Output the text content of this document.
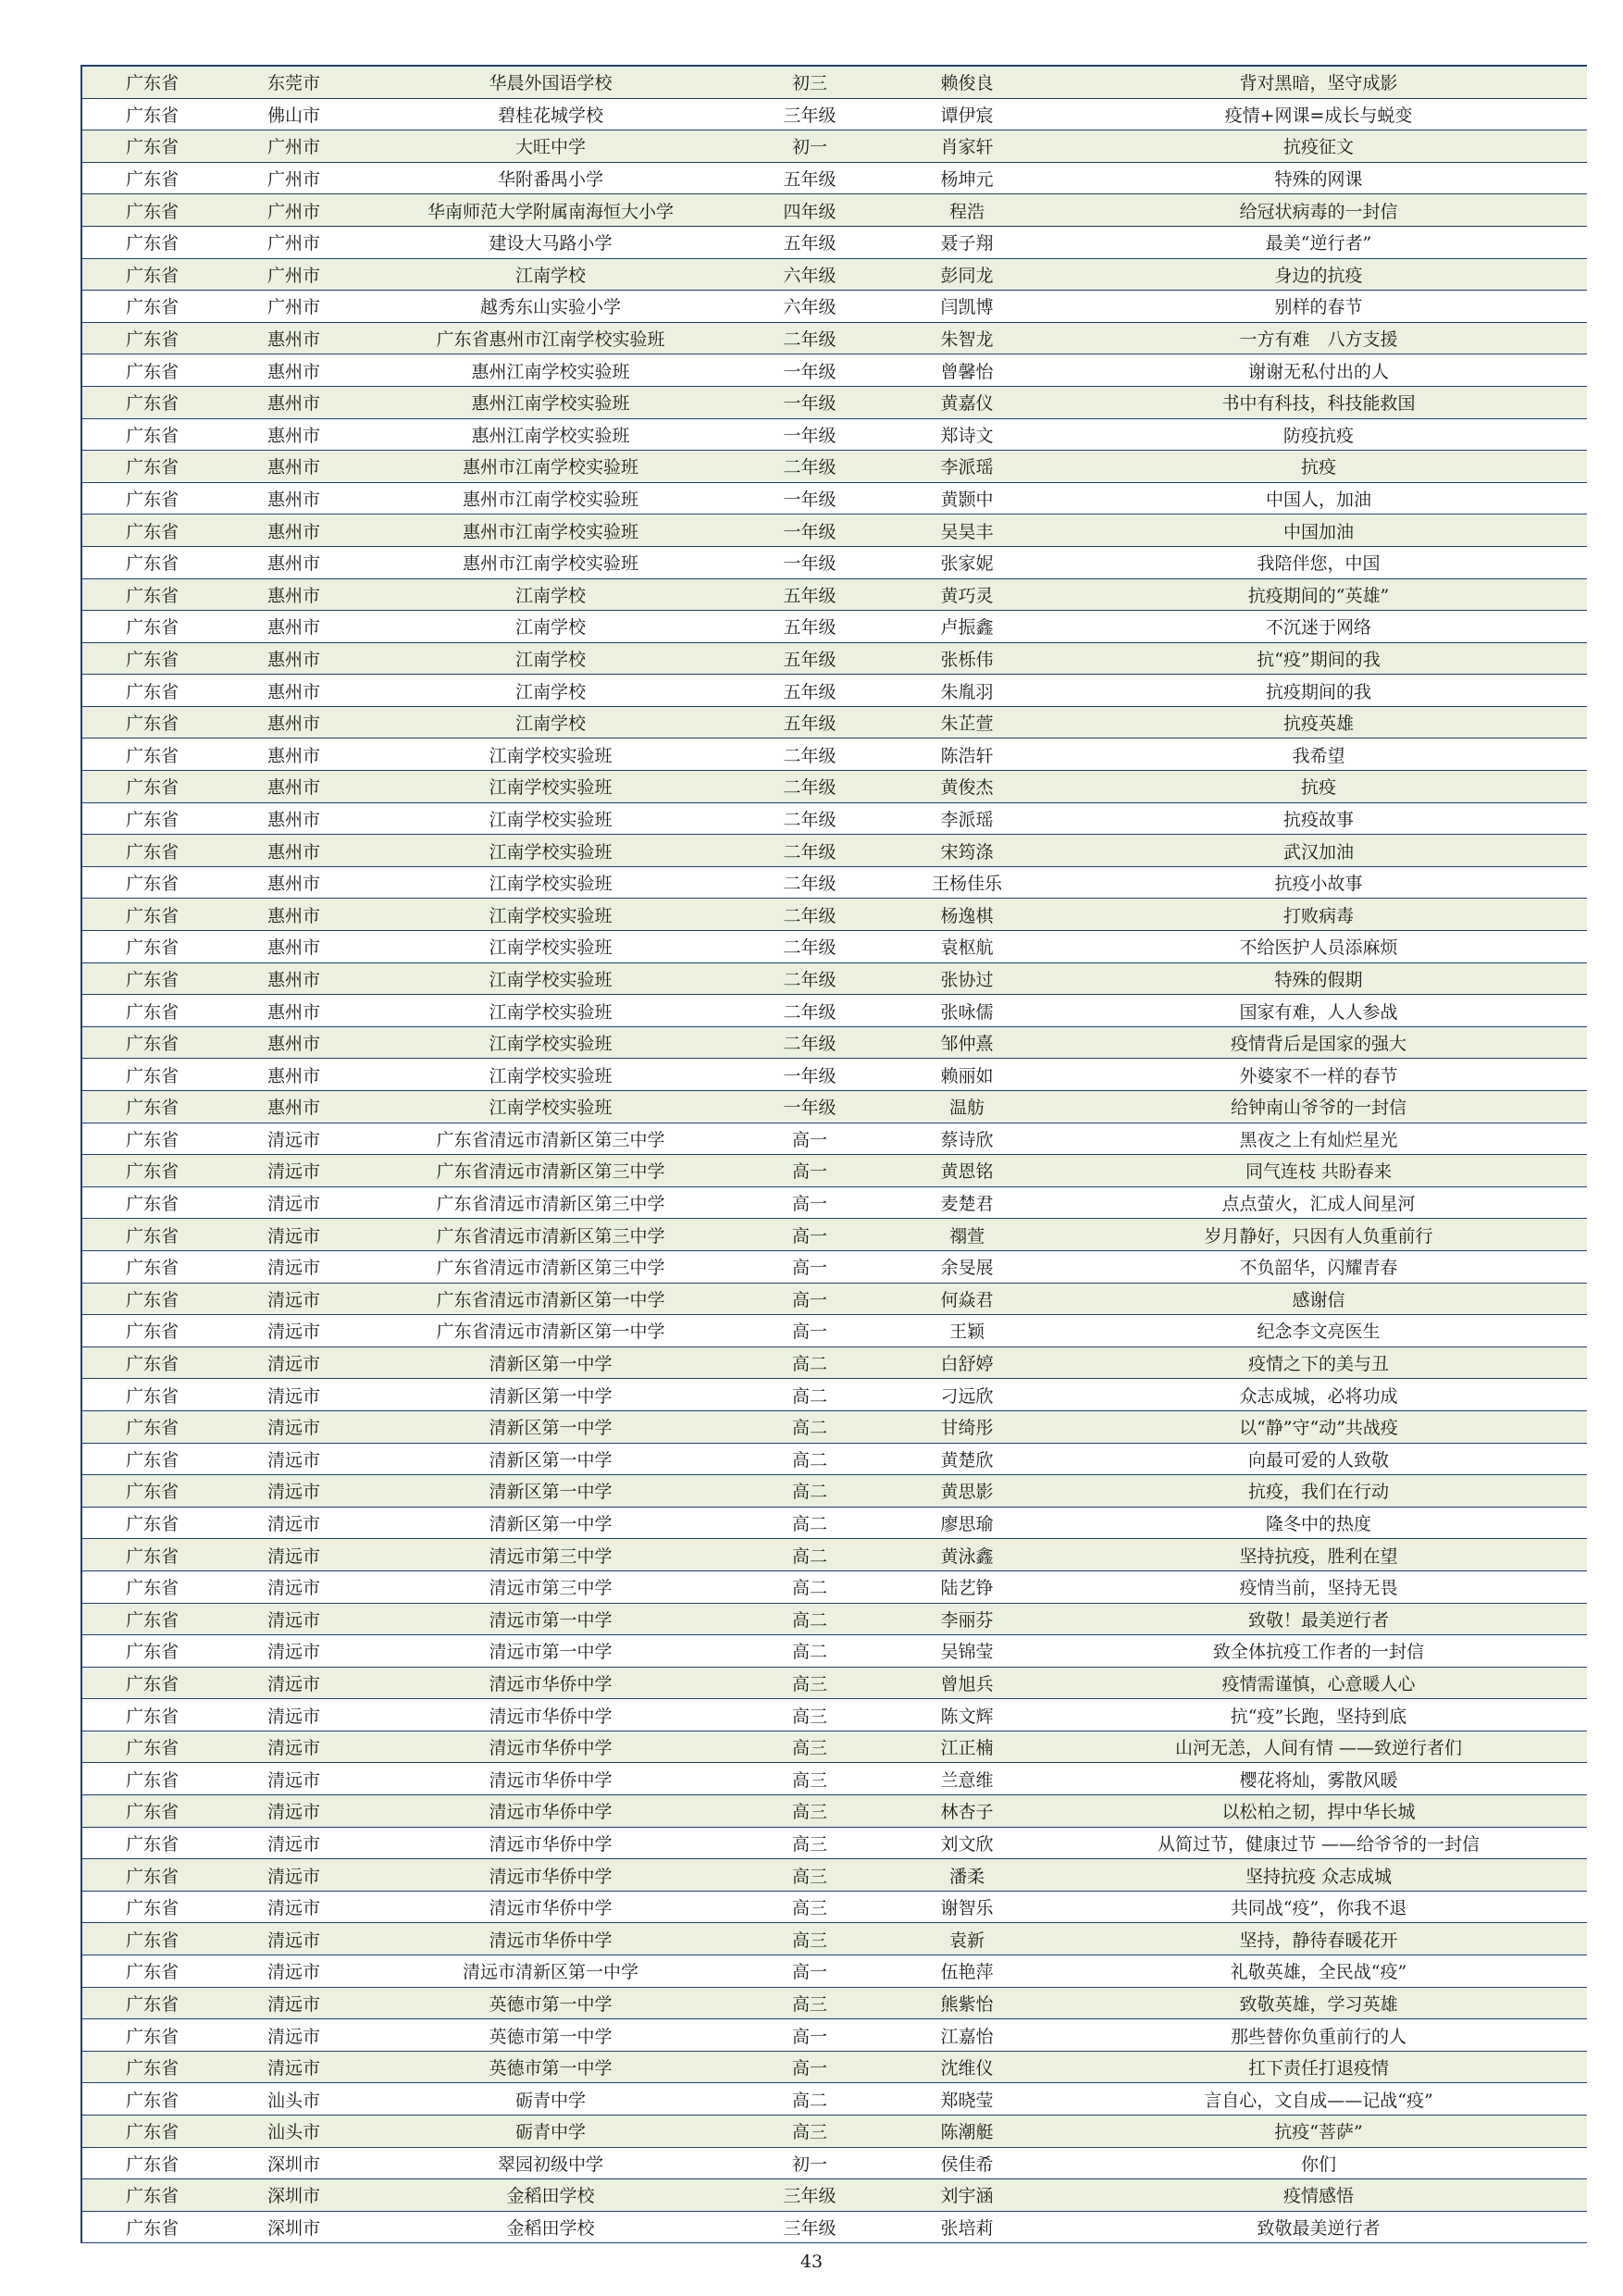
广东省	东莞市	华晨外国语学校	初三	赖俊良	背对黑暗，坚守成影
广东省	佛山市	碧桂花城学校	三年级	谭伊宸	疫情+网课=成长与蜕变
广东省	广州市	大旺中学	初一	肖家轩	抗疫征文
广东省	广州市	华附番禺小学	五年级	杨坤元	特殊的网课
广东省	广州市	华南师范大学附属南海恒大小学	四年级	程浩	给冠状病毒的一封信
广东省	广州市	建设大马路小学	五年级	聂子翔	最美“逆行者”
广东省	广州市	江南学校	六年级	彭同龙	身边的抗疫
广东省	广州市	越秀东山实验小学	六年级	闫凯博	别样的春节
广东省	惠州市	广东省惠州市江南学校实验班	二年级	朱智龙	一方有难　八方支援
广东省	惠州市	惠州江南学校实验班	一年级	曾馨怡	谢谢无私付出的人
广东省	惠州市	惠州江南学校实验班	一年级	黄嘉仪	书中有科技，科技能救国
广东省	惠州市	惠州江南学校实验班	一年级	郑诗文	防疫抗疫
广东省	惠州市	惠州市江南学校实验班	二年级	李派瑶	抗疫
广东省	惠州市	惠州市江南学校实验班	一年级	黄颢中	中国人，加油
广东省	惠州市	惠州市江南学校实验班	一年级	吴昊丰	中国加油
广东省	惠州市	惠州市江南学校实验班	一年级	张家妮	我陪伴您，中国
广东省	惠州市	江南学校	五年级	黄巧灵	抗疫期间的“英雄”
广东省	惠州市	江南学校	五年级	卢振鑫	不沉迷于网络
广东省	惠州市	江南学校	五年级	张栎伟	抗“疫”期间的我
广东省	惠州市	江南学校	五年级	朱胤羽	抗疫期间的我
广东省	惠州市	江南学校	五年级	朱芷萱	抗疫英雄
广东省	惠州市	江南学校实验班	二年级	陈浩轩	我希望
广东省	惠州市	江南学校实验班	二年级	黄俊杰	抗疫
广东省	惠州市	江南学校实验班	二年级	李派瑶	抗疫故事
广东省	惠州市	江南学校实验班	二年级	宋筠涤	武汉加油
广东省	惠州市	江南学校实验班	二年级	王杨佳乐	抗疫小故事
广东省	惠州市	江南学校实验班	二年级	杨逸棋	打败病毒
广东省	惠州市	江南学校实验班	二年级	袁枢航	不给医护人员添麻烦
广东省	惠州市	江南学校实验班	二年级	张协过	特殊的假期
广东省	惠州市	江南学校实验班	二年级	张咏儒	国家有难，人人参战
广东省	惠州市	江南学校实验班	二年级	邹仲熹	疫情背后是国家的强大
广东省	惠州市	江南学校实验班	一年级	赖丽如	外婆家不一样的春节
广东省	惠州市	江南学校实验班	一年级	温舫	给钟南山爷爷的一封信
广东省	清远市	广东省清远市清新区第三中学	高一	蔡诗欣	黑夜之上有灿烂星光
广东省	清远市	广东省清远市清新区第三中学	高一	黄恩铭	同气连枝 共盼春来
广东省	清远市	广东省清远市清新区第三中学	高一	麦楚君	点点萤火，汇成人间星河
广东省	清远市	广东省清远市清新区第三中学	高一	禤萱	岁月静好，只因有人负重前行
广东省	清远市	广东省清远市清新区第三中学	高一	余旻展	不负韶华，闪耀青春
广东省	清远市	广东省清远市清新区第一中学	高一	何焱君	感谢信
广东省	清远市	广东省清远市清新区第一中学	高一	王颖	纪念李文亮医生
广东省	清远市	清新区第一中学	高二	白舒婷	疫情之下的美与丑
广东省	清远市	清新区第一中学	高二	刁远欣	众志成城，必将功成
广东省	清远市	清新区第一中学	高二	甘绮彤	以“静”守“动”共战疫
广东省	清远市	清新区第一中学	高二	黄楚欣	向最可爱的人致敬
广东省	清远市	清新区第一中学	高二	黄思影	抗疫，我们在行动
广东省	清远市	清新区第一中学	高二	廖思瑜	隆冬中的热度
广东省	清远市	清远市第三中学	高二	黄泳鑫	坚持抗疫，胜利在望
广东省	清远市	清远市第三中学	高二	陆艺铮	疫情当前，坚持无畏
广东省	清远市	清远市第一中学	高二	李丽芬	致敬！最美逆行者
广东省	清远市	清远市第一中学	高二	吴锦莹	致全体抗疫工作者的一封信
广东省	清远市	清远市华侨中学	高三	曾旭兵	疫情需谨慎，心意暖人心
广东省	清远市	清远市华侨中学	高三	陈文辉	抗“疫”长跑，坚持到底
广东省	清远市	清远市华侨中学	高三	江正楠	山河无恙，人间有情 ——致逆行者们
广东省	清远市	清远市华侨中学	高三	兰意维	樱花将灿，雾散风暖
广东省	清远市	清远市华侨中学	高三	林杏子	以松柏之韧，捍中华长城
广东省	清远市	清远市华侨中学	高三	刘文欣	从简过节，健康过节 ——给爷爷的一封信
广东省	清远市	清远市华侨中学	高三	潘柔	坚持抗疫 众志成城
广东省	清远市	清远市华侨中学	高三	谢智乐	共同战“疫”，你我不退
广东省	清远市	清远市华侨中学	高三	袁新	坚持，静待春暖花开
广东省	清远市	清远市清新区第一中学	高一	伍艳萍	礼敬英雄，全民战“疫”
广东省	清远市	英德市第一中学	高三	熊紫怡	致敬英雄，学习英雄
广东省	清远市	英德市第一中学	高一	江嘉怡	那些替你负重前行的人
广东省	清远市	英德市第一中学	高一	沈维仪	扛下责任打退疫情
广东省	汕头市	砺青中学	高二	郑晓莹	言自心，文自成——记战“疫”
广东省	汕头市	砺青中学	高三	陈潮艇	抗疫“菩萨”
广东省	深圳市	翠园初级中学	初一	侯佳希	你们
广东省	深圳市	金稻田学校	三年级	刘宇涵	疫情感悟
广东省	深圳市	金稻田学校	三年级	张培莉	致敬最美逆行者
43
